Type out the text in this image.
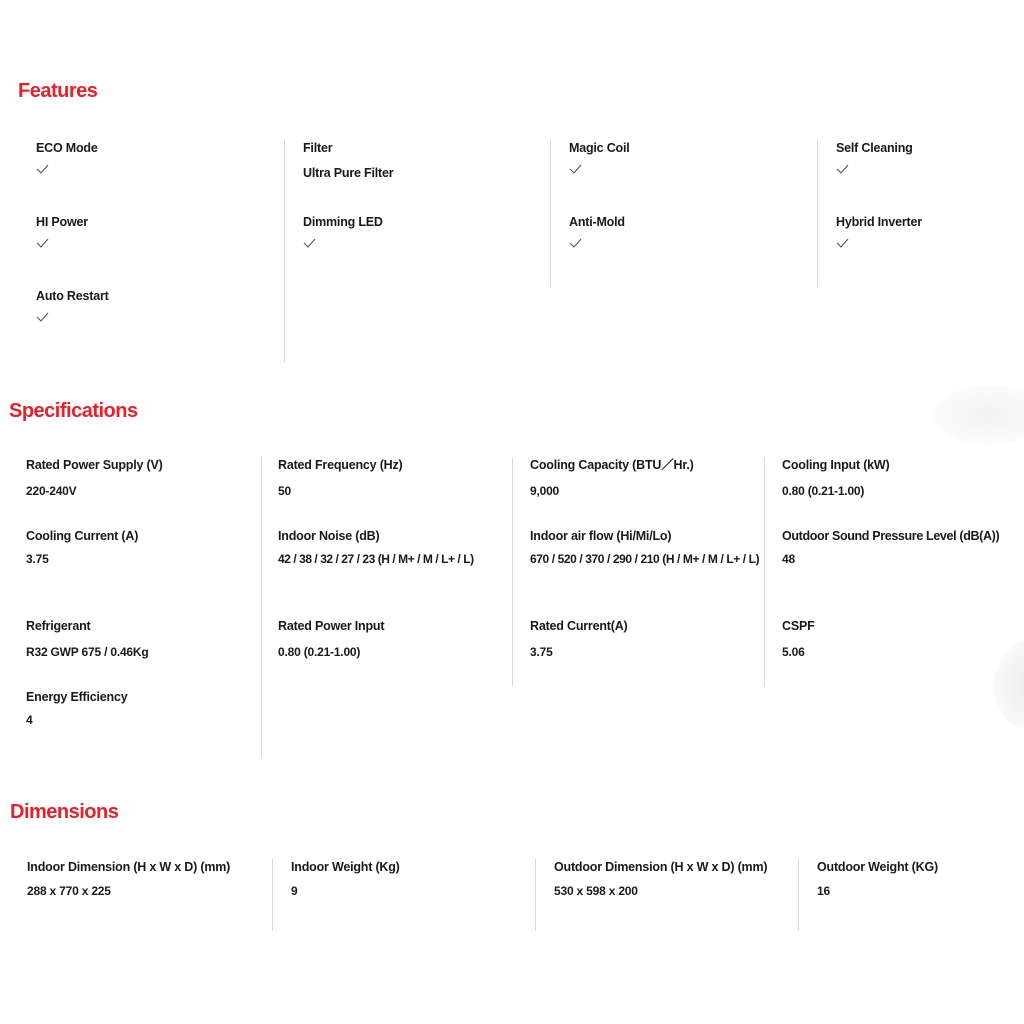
Features
ECO Mode
HI Power
Auto Restart
Filter
Ultra Pure Filter
Dimming LED
Magic Coil
Anti-Mold
Self Cleaning
Hybrid Inverter
Specifications
Rated Power Supply (V)
220-240V
Cooling Current (A)
3.75
Refrigerant
R32 GWP 675 / 0.46Kg
Energy Efficiency
4
Rated Frequency (Hz)
50
Indoor Noise (dB)
42 / 38 / 32 / 27 / 23 (H / M+ / M / L+ / L)
Rated Power Input
0.80 (0.21-1.00)
Cooling Capacity (BTU／Hr.)
9,000
Indoor air flow (Hi/Mi/Lo)
670 / 520 / 370 / 290 / 210 (H / M+ / M / L+ / L)
Rated Current(A)
3.75
Cooling Input (kW)
0.80 (0.21-1.00)
Outdoor Sound Pressure Level (dB(A))
48
CSPF
5.06
Dimensions
Indoor Dimension (H x W x D) (mm)
288 x 770 x 225
Indoor Weight (Kg)
9
Outdoor Dimension (H x W x D) (mm)
530 x 598 x 200
Outdoor Weight (KG)
16
